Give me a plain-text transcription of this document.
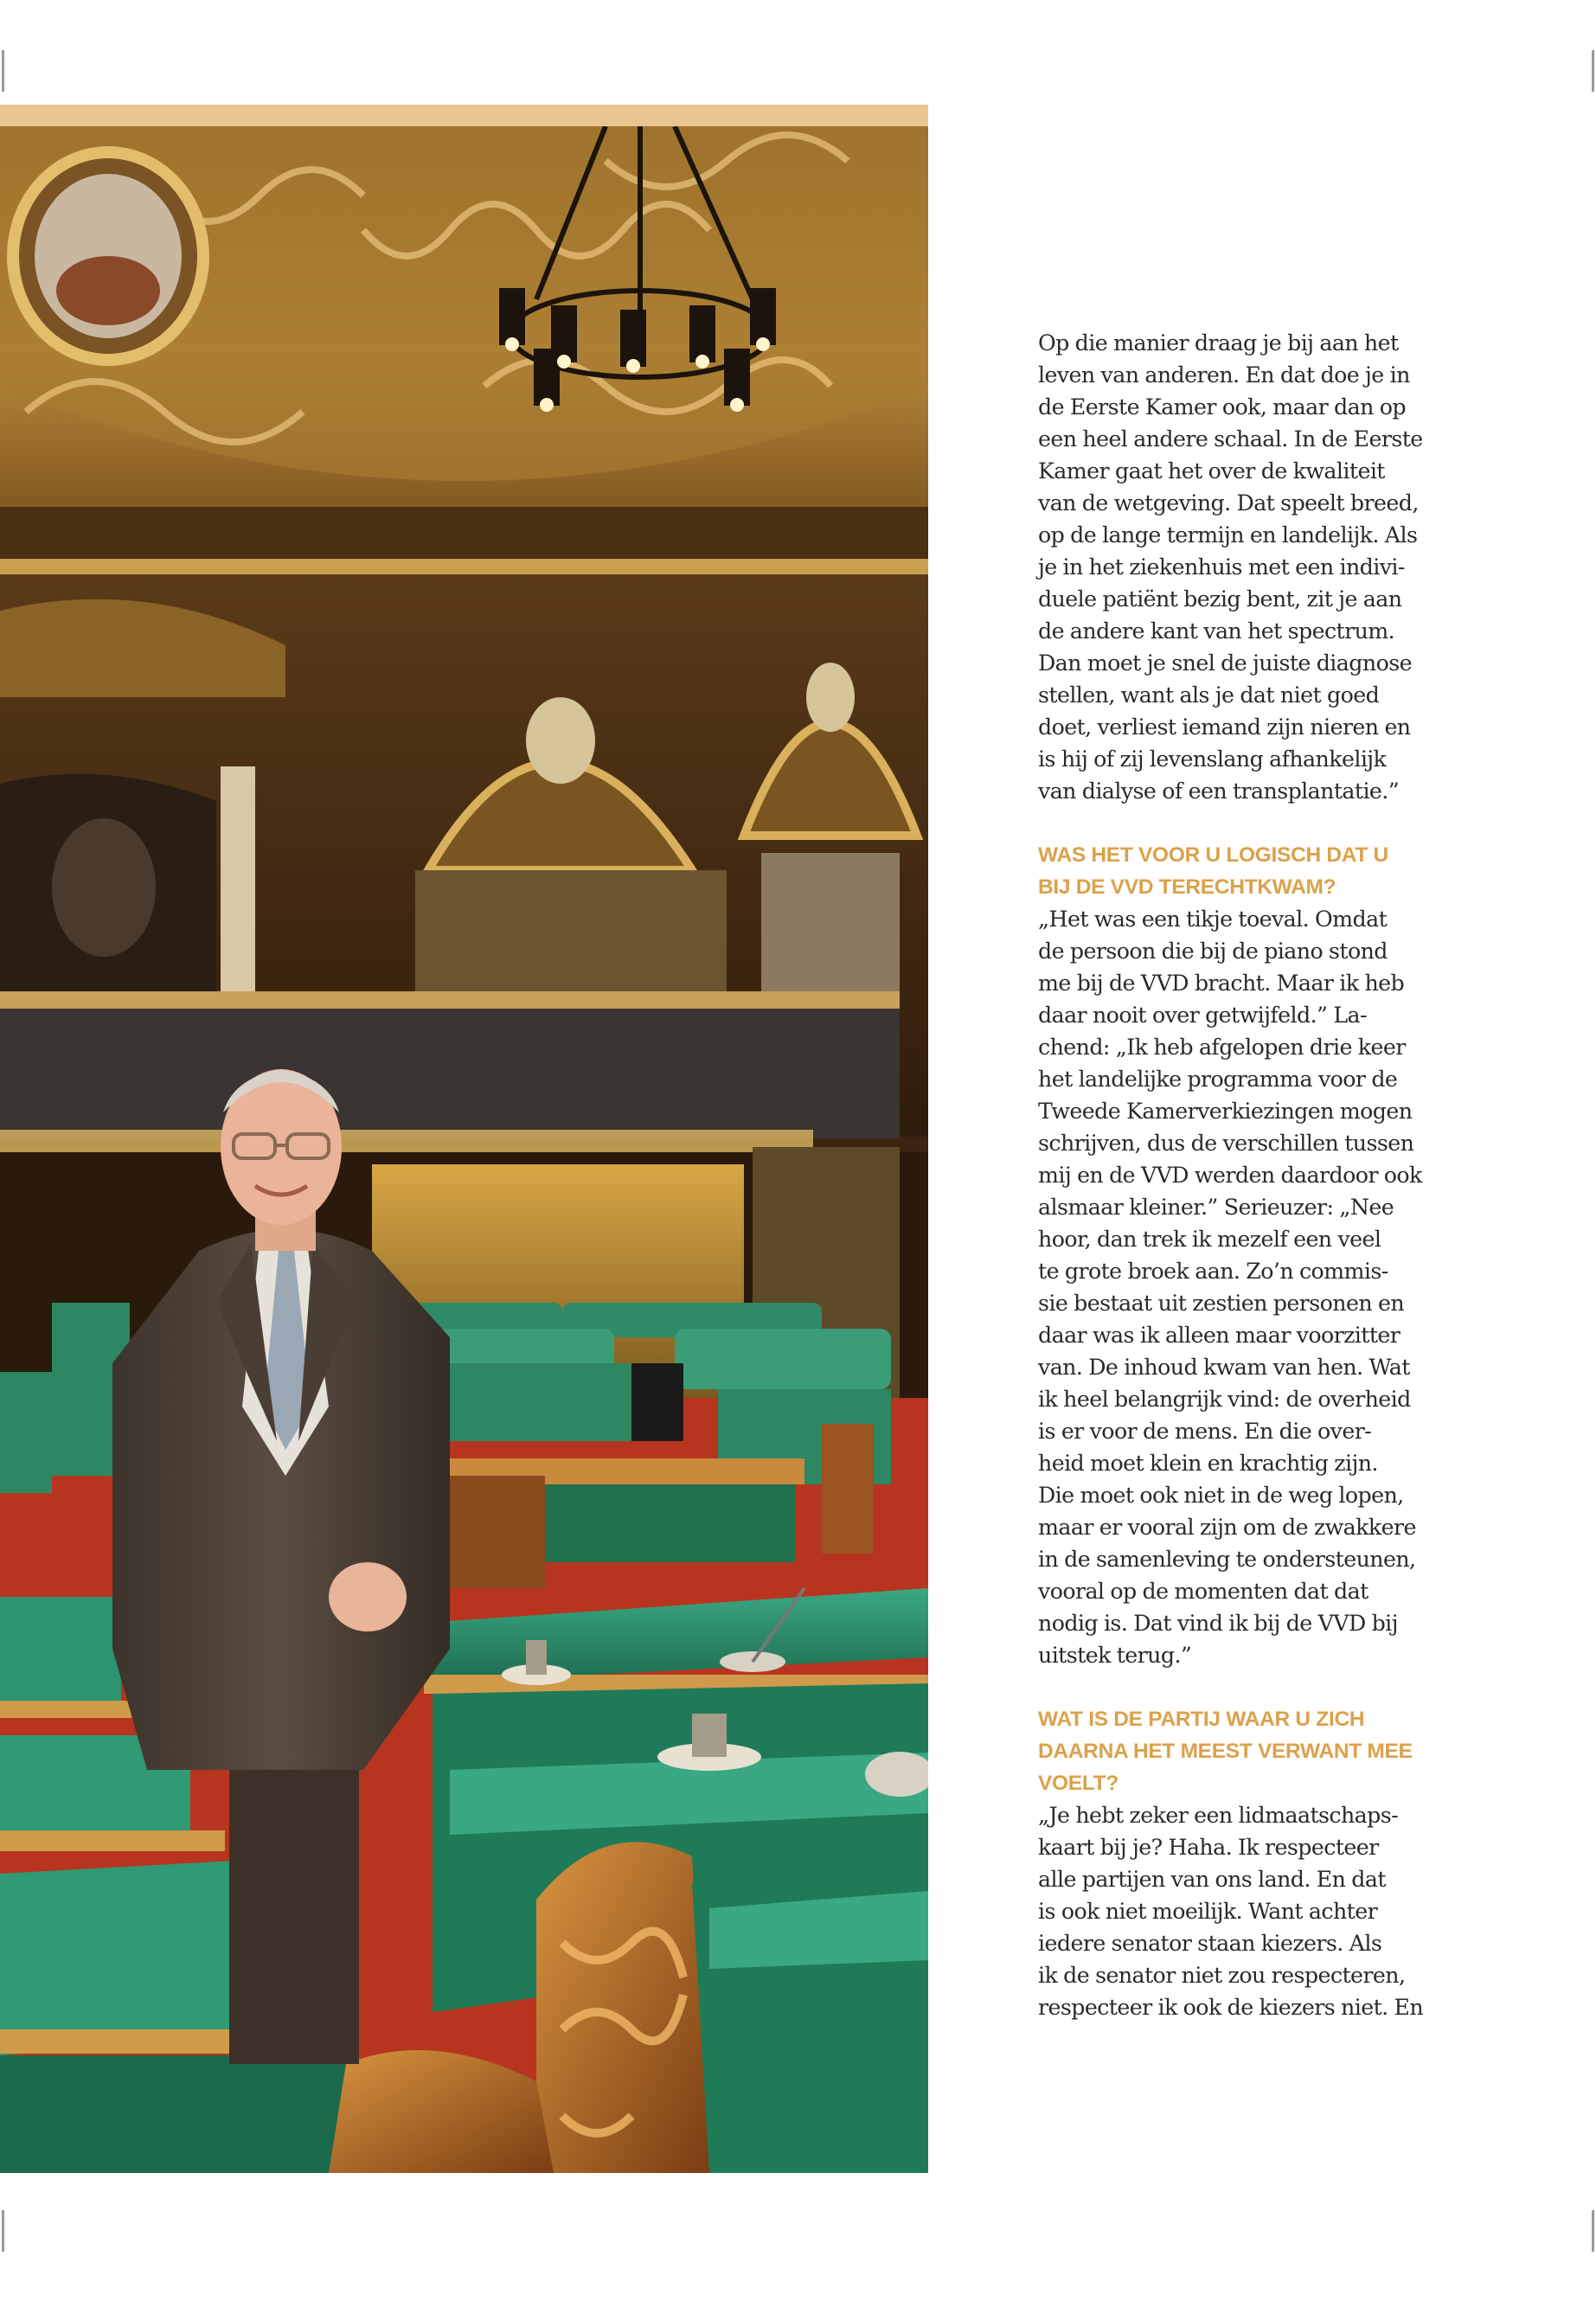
Op die manier draag je bij aan het
leven van anderen. En dat doe je in
de Eerste Kamer ook, maar dan op
een heel andere schaal. In de Eerste
Kamer gaat het over de kwaliteit
van de wetgeving. Dat speelt breed,
op de lange termijn en landelijk. Als
je in het ziekenhuis met een indivi-
duele patiënt bezig bent, zit je aan
de andere kant van het spectrum.
Dan moet je snel de juiste diagnose
stellen, want als je dat niet goed
doet, verliest iemand zijn nieren en
is hij of zij levenslang afhankelijk
van dialyse of een transplantatie.”

WAS HET VOOR U LOGISCH DAT U
BIJ DE VVD TERECHTKWAM?

„Het was een tikje toeval. Omdat
de persoon die bij de piano stond
me bij de VVD bracht. Maar ik heb
daar nooit over getwijfeld.” La-
chend: „Ik heb afgelopen drie keer
het landelijke programma voor de
Tweede Kamerverkiezingen mogen
schrijven, dus de verschillen tussen
mij en de VVD werden daardoor ook
alsmaar kleiner.” Serieuzer: „Nee
hoor, dan trek ik mezelf een veel
te grote broek aan. Zo’n commis-
sie bestaat uit zestien personen en
daar was ik alleen maar voorzitter
van. De inhoud kwam van hen. Wat
ik heel belangrijk vind: de overheid
is er voor de mens. En die over-
heid moet klein en krachtig zijn.
Die moet ook niet in de weg lopen,
maar er vooral zijn om de zwakkere
in de samenleving te ondersteunen,
vooral op de momenten dat dat
nodig is. Dat vind ik bij de VVD bij
uitstek terug.”

WAT IS DE PARTIJ WAAR U ZICH
DAARNA HET MEEST VERWANT MEE
VOELT?

„Je hebt zeker een lidmaatschaps-
kaart bij je? Haha. Ik respecteer
alle partijen van ons land. En dat
is ook niet moeilijk. Want achter
iedere senator staan kiezers. Als
ik de senator niet zou respecteren,
respecteer ik ook de kiezers niet. En
